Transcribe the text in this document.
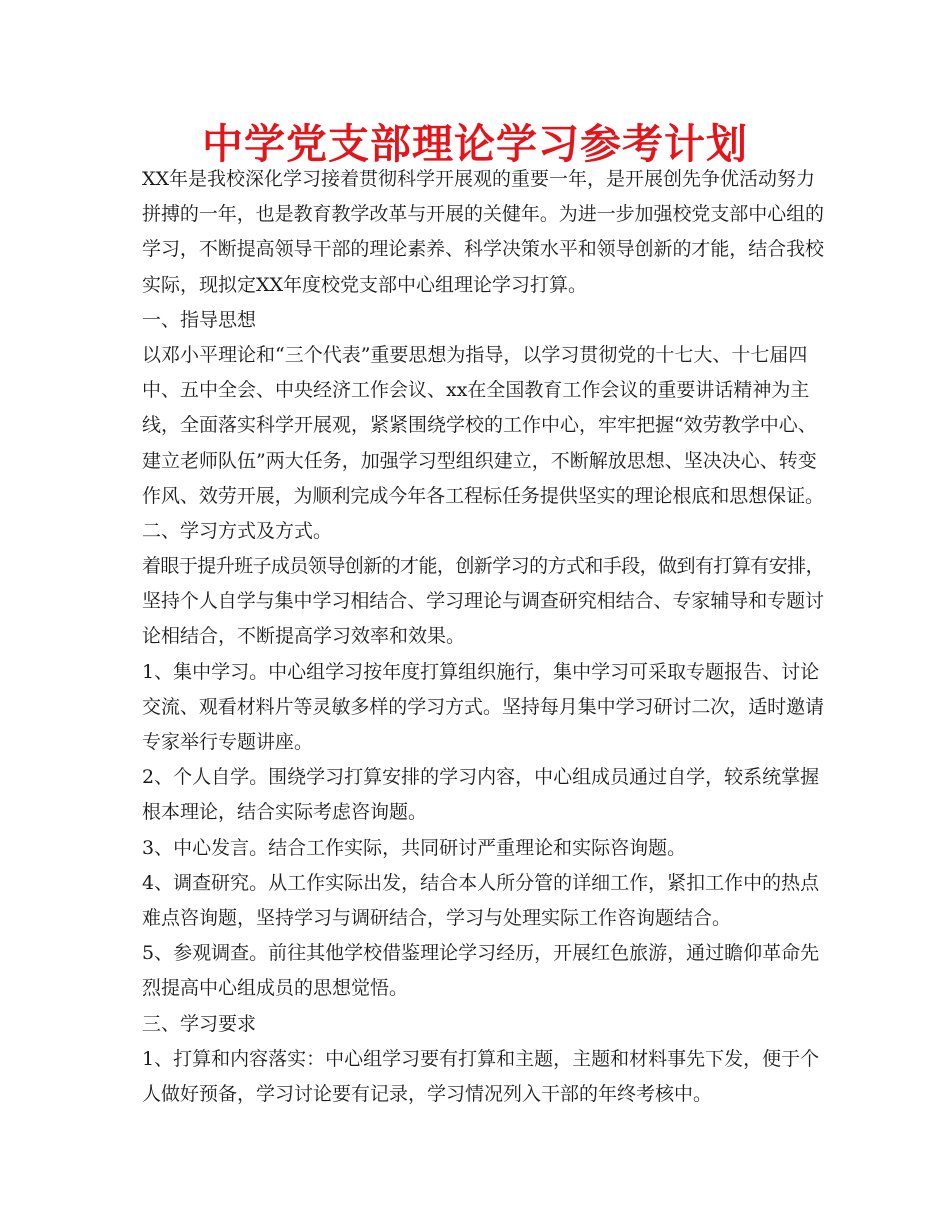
中学党支部理论学习参考计划
XX年是我校深化学习接着贯彻科学开展观的重要一年，是开展创先争优活动努力
拼搏的一年，也是教育教学改革与开展的关健年。为进一步加强校党支部中心组的
学习，不断提高领导干部的理论素养、科学决策水平和领导创新的才能，结合我校
实际，现拟定XX年度校党支部中心组理论学习打算。
一、指导思想
以邓小平理论和“三个代表”重要思想为指导，以学习贯彻党的十七大、十七届四
中、五中全会、中央经济工作会议、xx在全国教育工作会议的重要讲话精神为主
线，全面落实科学开展观，紧紧围绕学校的工作中心，牢牢把握“效劳教学中心、
建立老师队伍”两大任务，加强学习型组织建立，不断解放思想、坚决决心、转变
作风、效劳开展，为顺利完成今年各工程标任务提供坚实的理论根底和思想保证。
二、学习方式及方式。
着眼于提升班子成员领导创新的才能，创新学习的方式和手段，做到有打算有安排，
坚持个人自学与集中学习相结合、学习理论与调查研究相结合、专家辅导和专题讨
论相结合，不断提高学习效率和效果。
1、集中学习。中心组学习按年度打算组织施行，集中学习可采取专题报告、讨论
交流、观看材料片等灵敏多样的学习方式。坚持每月集中学习研讨二次，适时邀请
专家举行专题讲座。
2、个人自学。围绕学习打算安排的学习内容，中心组成员通过自学，较系统掌握
根本理论，结合实际考虑咨询题。
3、中心发言。结合工作实际，共同研讨严重理论和实际咨询题。
4、调查研究。从工作实际出发，结合本人所分管的详细工作，紧扣工作中的热点
难点咨询题，坚持学习与调研结合，学习与处理实际工作咨询题结合。
5、参观调查。前往其他学校借鉴理论学习经历，开展红色旅游，通过瞻仰革命先
烈提高中心组成员的思想觉悟。
三、学习要求
1、打算和内容落实：中心组学习要有打算和主题，主题和材料事先下发，便于个
人做好预备，学习讨论要有记录，学习情况列入干部的年终考核中。
